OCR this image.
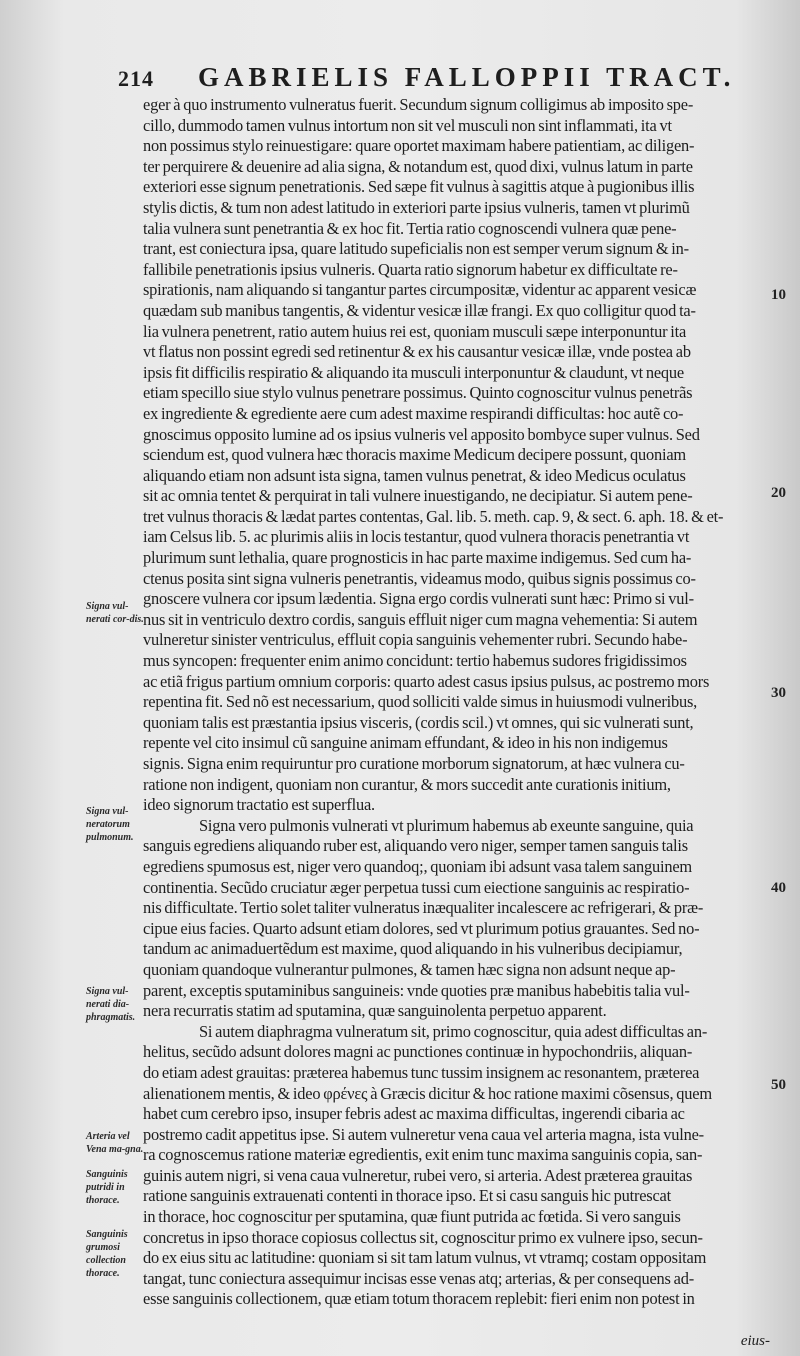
214 GABRIELIS FALLOPPII TRACT.
eger à quo instrumento vulneratus fuerit. Secundum signum colligimus ab imposito spe-
cillo, dummodo tamen vulnus intortum non sit vel musculi non sint inflammati, ita vt
non possimus stylo reinuestigare: quare oportet maximam habere patientiam, ac diligen-
ter perquirere & deuenire ad alia signa, & notandum est, quod dixi, vulnus latum in parte
exteriori esse signum penetrationis. Sed sæpe fit vulnus à sagittis atque à pugionibus illis
stylis dictis, & tum non adest latitudo in exteriori parte ipsius vulneris, tamen vt plurimũ
talia vulnera sunt penetrantia & ex hoc fit. Tertia ratio cognoscendi vulnera quæ pene-
trant, est coniectura ipsa, quare latitudo supeficialis non est semper verum signum & in-
fallibile penetrationis ipsius vulneris. Quarta ratio signorum habetur ex difficultate re-
spirationis, nam aliquando si tangantur partes circumpositæ, videntur ac apparent vesicæ
quædam sub manibus tangentis, & videntur vesicæ illæ frangi. Ex quo colligitur quod ta-
lia vulnera penetrent, ratio autem huius rei est, quoniam musculi sæpe interponuntur ita
vt flatus non possint egredi sed retinentur & ex his causantur vesicæ illæ, vnde postea ab
ipsis fit difficilis respiratio & aliquando ita musculi interponuntur & claudunt, vt neque
etiam specillo siue stylo vulnus penetrare possimus. Quinto cognoscitur vulnus penetrãs
ex ingrediente & egrediente aere cum adest maxime respirandi difficultas: hoc autẽ co-
gnoscimus opposito lumine ad os ipsius vulneris vel apposito bombyce super vulnus. Sed
sciendum est, quod vulnera hæc thoracis maxime Medicum decipere possunt, quoniam
aliquando etiam non adsunt ista signa, tamen vulnus penetrat, & ideo Medicus oculatus
sit ac omnia tentet & perquirat in tali vulnere inuestigando, ne decipiatur. Si autem pene-
tret vulnus thoracis & lædat partes contentas, Gal. lib. 5. meth. cap. 9, & sect. 6. aph. 18. & et-
iam Celsus lib. 5. ac plurimis aliis in locis testantur, quod vulnera thoracis penetrantia vt
plurimum sunt lethalia, quare prognosticis in hac parte maxime indigemus. Sed cum ha-
ctenus posita sint signa vulneris penetrantis, videamus modo, quibus signis possimus co-
gnoscere vulnera cor ipsum lædentia. Signa ergo cordis vulnerati sunt hæc: Primo si vul-
nus sit in ventriculo dextro cordis, sanguis effluit niger cum magna vehementia: Si autem
vulneretur sinister ventriculus, effluit copia sanguinis vehementer rubri. Secundo habe-
mus syncopen: frequenter enim animo concidunt: tertio habemus sudores frigidissimos
ac etiã frigus partium omnium corporis: quarto adest casus ipsius pulsus, ac postremo mors
repentina fit. Sed nõ est necessarium, quod solliciti valde simus in huiusmodi vulneribus,
quoniam talis est præstantia ipsius visceris, (cordis scil.) vt omnes, qui sic vulnerati sunt,
repente vel cito insimul cũ sanguine animam effundant, & ideo in his non indigemus
signis. Signa enim requiruntur pro curatione morborum signatorum, at hæc vulnera cu-
ratione non indigent, quoniam non curantur, & mors succedit ante curationis initium,
ideo signorum tractatio est superflua.
Signa vero pulmonis vulnerati vt plurimum habemus ab exeunte sanguine, quia
sanguis egrediens aliquando ruber est, aliquando vero niger, semper tamen sanguis talis
egrediens spumosus est, niger vero quandoq;, quoniam ibi adsunt vasa talem sanguinem
continentia. Secũdo cruciatur æger perpetua tussi cum eiectione sanguinis ac respiratio-
nis difficultate. Tertio solet taliter vulneratus inæqualiter incalescere ac refrigerari, & præ-
cipue eius facies. Quarto adsunt etiam dolores, sed vt plurimum potius grauantes. Sed no-
tandum ac animaduertẽdum est maxime, quod aliquando in his vulneribus decipiamur,
quoniam quandoque vulnerantur pulmones, & tamen hæc signa non adsunt neque ap-
parent, exceptis sputaminibus sanguineis: vnde quoties præ manibus habebitis talia vul-
nera recurratis statim ad sputamina, quæ sanguinolenta perpetuo apparent.
Si autem diaphragma vulneratum sit, primo cognoscitur, quia adest difficultas an-
helitus, secũdo adsunt dolores magni ac punctiones continuæ in hypochondriis, aliquan-
do etiam adest grauitas: præterea habemus tunc tussim insignem ac resonantem, præterea
alienationem mentis, & ideo φρένες à Græcis dicitur & hoc ratione maximi cõsensus, quem
habet cum cerebro ipso, insuper febris adest ac maxima difficultas, ingerendi cibaria ac
postremo cadit appetitus ipse. Si autem vulneretur vena caua vel arteria magna, ista vulne-
ra cognoscemus ratione materiæ egredientis, exit enim tunc maxima sanguinis copia, san-
guinis autem nigri, si vena caua vulneretur, rubei vero, si arteria. Adest præterea grauitas
ratione sanguinis extrauenati contenti in thorace ipso. Et si casu sanguis hic putrescat
in thorace, hoc cognoscitur per sputamina, quæ fiunt putrida ac fœtida. Si vero sanguis
concretus in ipso thorace copiosus collectus sit, cognoscitur primo ex vulnere ipso, secun-
do ex eius situ ac latitudine: quoniam si sit tam latum vulnus, vt vtramq; costam oppositam
tangat, tunc coniectura assequimur incisas esse venas atq; arterias, & per consequens ad-
esse sanguinis collectionem, quæ etiam totum thoracem replebit: fieri enim non potest in
Signa vul-nerati cor-dis.
Signa vul-neratorum pulmonum.
Signa vul-nerati dia-phragmatis.
Arteria vel Vena ma-gna.
Sanguinis putridi in thorace.
Sanguinis grumosi collection thorace.
10
20
30
40
50
eius-
